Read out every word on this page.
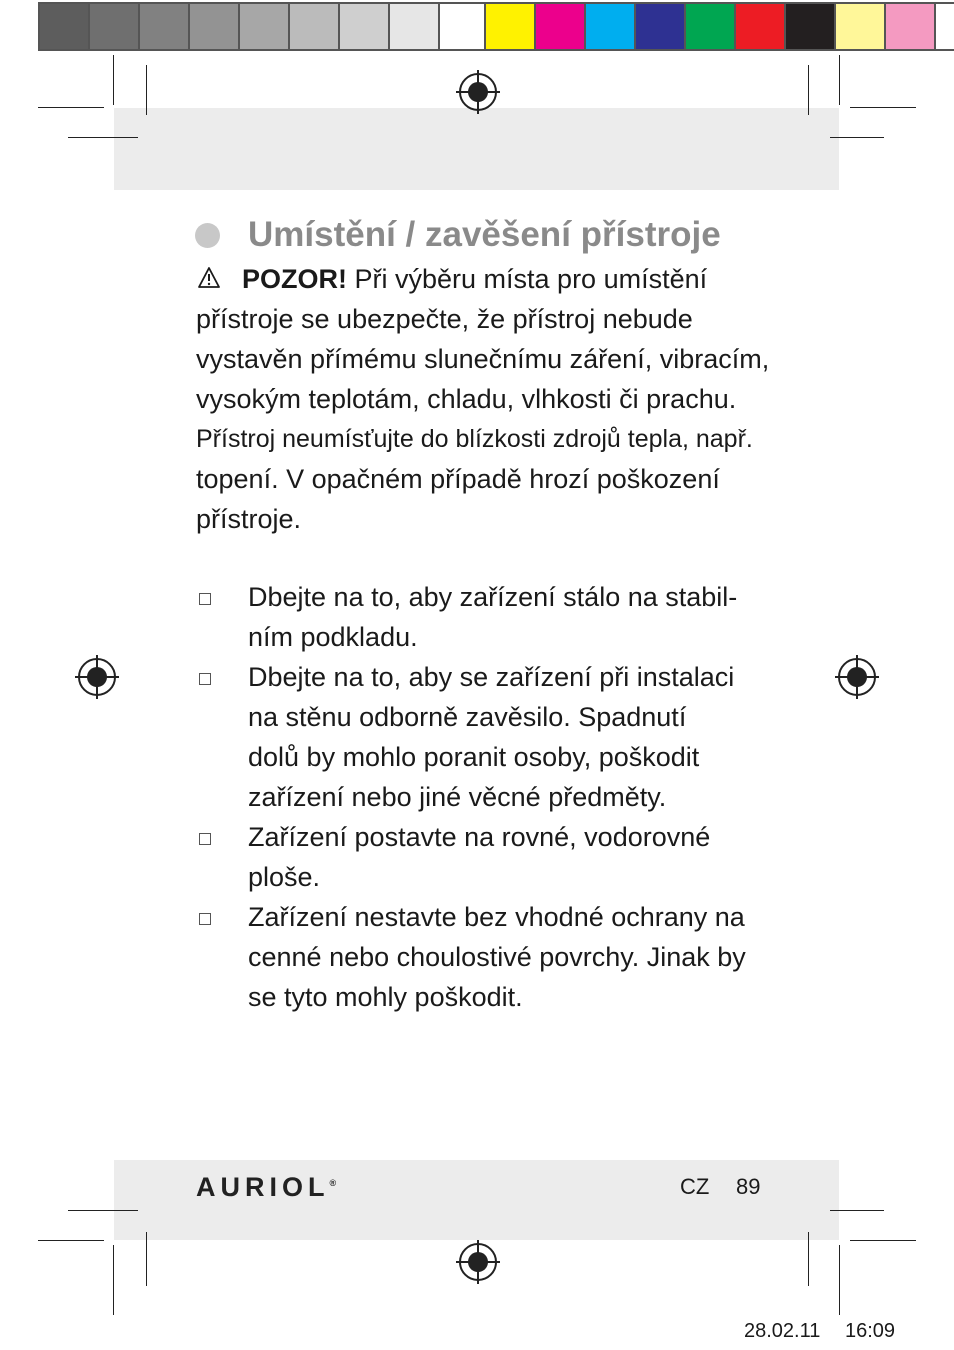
Umístění / zavěšení přístroje
POZOR! Při výběru místa pro umístění
přístroje se ubezpečte, že přístroj nebude
vystavěn přímému slunečnímu záření, vibracím,
vysokým teplotám, chladu, vlhkosti či prachu.
Přístroj neumísťujte do blízkosti zdrojů tepla, např.
topení. V opačném případě hrozí poškození
přístroje.
Dbejte na to, aby zařízení stálo na stabil-
ním podkladu.
Dbejte na to, aby se zařízení při instalaci
na stěnu odborně zavěsilo. Spadnutí
dolů by mohlo poranit osoby, poškodit
zařízení nebo jiné věcné předměty.
Zařízení postavte na rovné, vodorovné
ploše.
Zařízení nestavte bez vhodné ochrany na
cenné nebo choulostivé povrchy. Jinak by
se tyto mohly poškodit.
AURIOL®	CZ 89
28.02.11 16:09
